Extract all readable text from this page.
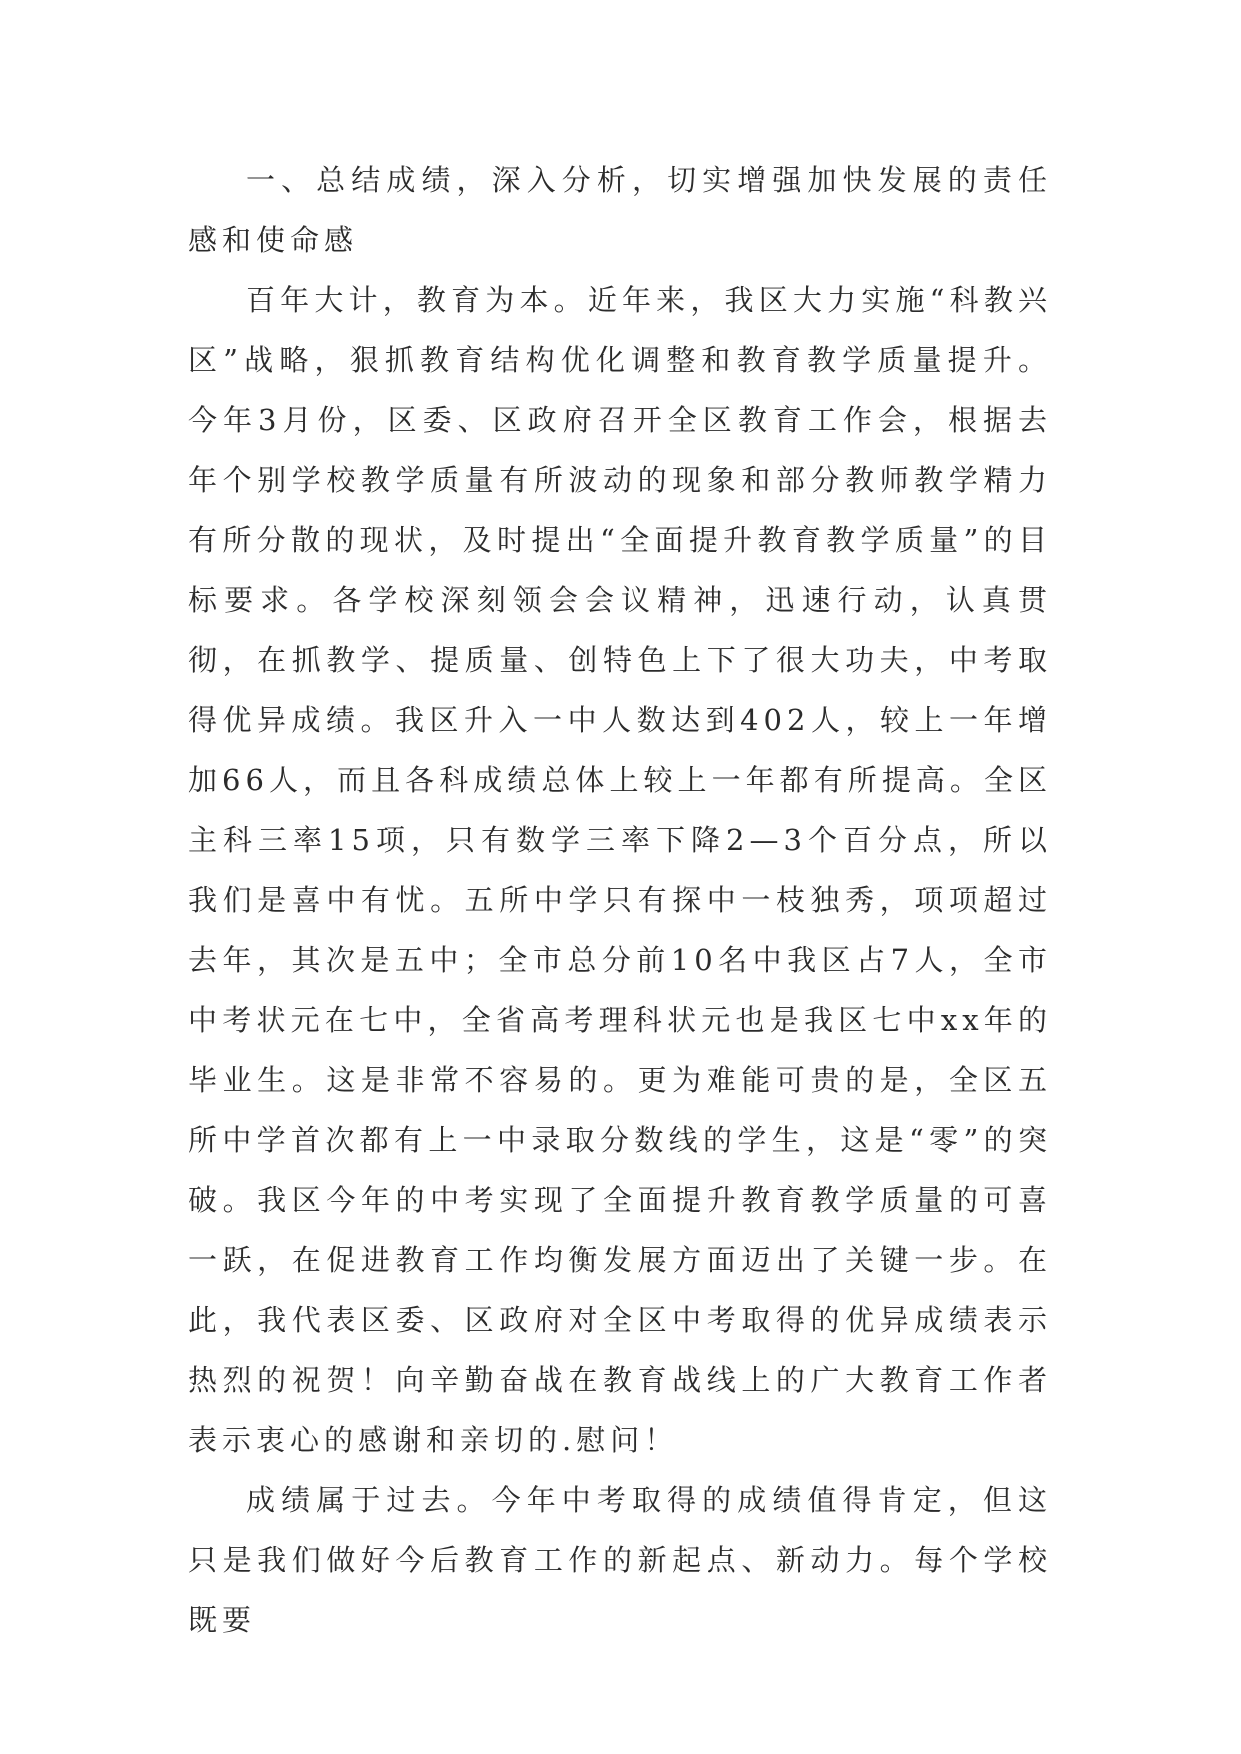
一、总结成绩，深入分析，切实增强加快发展的责任感和使命感

百年大计，教育为本。近年来，我区大力实施“科教兴区”战略，狠抓教育结构优化调整和教育教学质量提升。今年3月份，区委、区政府召开全区教育工作会，根据去年个别学校教学质量有所波动的现象和部分教师教学精力有所分散的现状，及时提出“全面提升教育教学质量”的目标要求。各学校深刻领会会议精神，迅速行动，认真贯彻，在抓教学、提质量、创特色上下了很大功夫，中考取得优异成绩。我区升入一中人数达到402人，较上一年增加66人，而且各科成绩总体上较上一年都有所提高。全区主科三率15项，只有数学三率下降2—3个百分点，所以我们是喜中有忧。五所中学只有探中一枝独秀，项项超过去年，其次是五中；全市总分前10名中我区占7人，全市中考状元在七中，全省高考理科状元也是我区七中xx年的毕业生。这是非常不容易的。更为难能可贵的是，全区五所中学首次都有上一中录取分数线的学生，这是“零”的突破。我区今年的中考实现了全面提升教育教学质量的可喜一跃，在促进教育工作均衡发展方面迈出了关键一步。在此，我代表区委、区政府对全区中考取得的优异成绩表示热烈的祝贺！向辛勤奋战在教育战线上的广大教育工作者表示衷心的感谢和亲切的.慰问！

成绩属于过去。今年中考取得的成绩值得肯定，但这只是我们做好今后教育工作的新起点、新动力。每个学校既要
